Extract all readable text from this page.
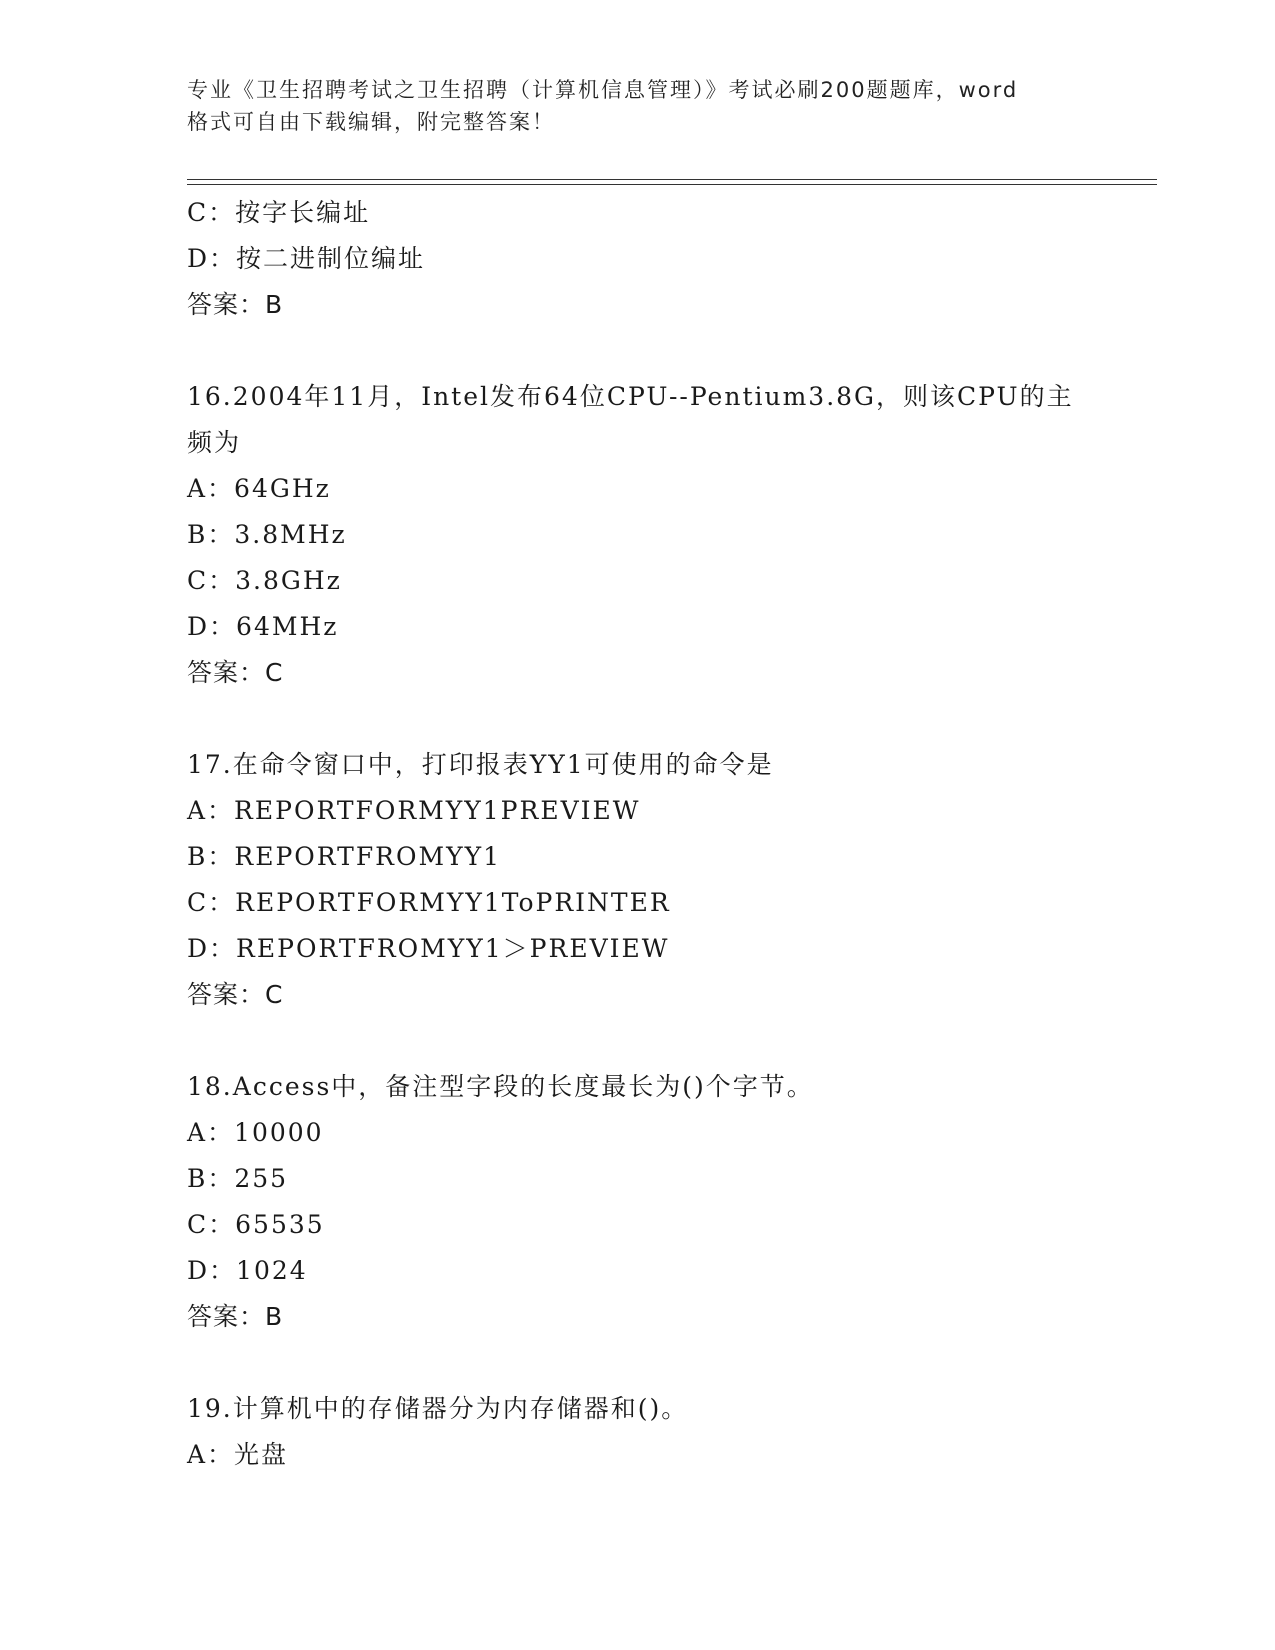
专业《卫生招聘考试之卫生招聘（计算机信息管理）》考试必刷200题题库，word
格式可自由下载编辑，附完整答案！
C：按字长编址
D：按二进制位编址
答案：B
16.2004年11月，Intel发布64位CPU--Pentium3.8G，则该CPU的主
频为
A：64GHz
B：3.8MHz
C：3.8GHz
D：64MHz
答案：C
17.在命令窗口中，打印报表YY1可使用的命令是
A：REPORTFORMYY1PREVIEW
B：REPORTFROMYY1
C：REPORTFORMYY1ToPRINTER
D：REPORTFROMYY1＞PREVIEW
答案：C
18.Access中，备注型字段的长度最长为()个字节。
A：10000
B：255
C：65535
D：1024
答案：B
19.计算机中的存储器分为内存储器和()。
A：光盘
